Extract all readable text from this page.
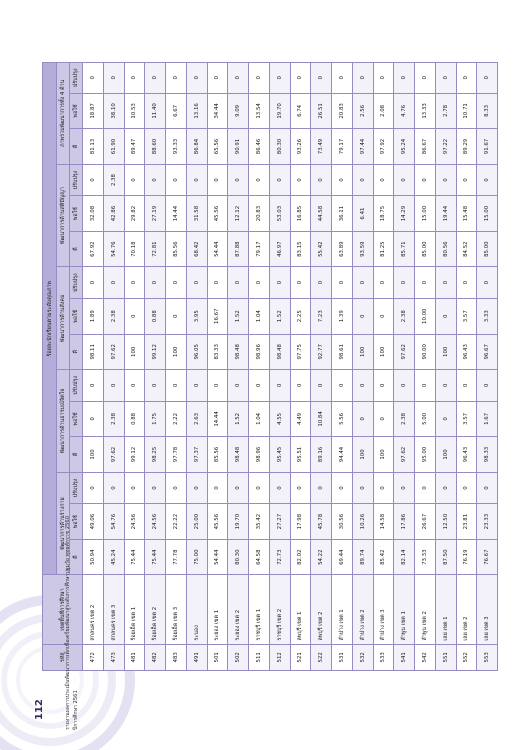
รหัส	เขตพื้นที่การศึกษา	ร้อยละนักเรียนตามระดับคุณภาพ														
		พัฒนาการด้านร่างกาย			พัฒนาการด้านอารมณ์จิตใจ			พัฒนาการด้านสังคม			พัฒนาการด้านสติปัญญา			ภาพรวมพัฒนาการทั้ง 4 ด้าน		
		ดี	พอใช้	ปรับปรุง	ดี	พอใช้	ปรับปรุง	ดี	พอใช้	ปรับปรุง	ดี	พอใช้	ปรับปรุง	ดี	พอใช้	ปรับปรุง
472	สกลนคร เขต 2	50.94	49.06	0	100	0	0	98.11	1.89	0	67.92	32.08	0	81.13	18.87	0
473	สกลนคร เขต 3	45.24	54.76	0	97.62	2.38	0	97.62	2.38	0	54.76	42.86	2.38	61.90	38.10	0
481	ร้อยเอ็ด เขต 1	75.44	24.56	0	99.12	0.88	0	100	0	0	70.18	29.82	0	89.47	10.53	0
482	ร้อยเอ็ด เขต 2	75.44	24.56	0	98.25	1.75	0	99.12	0.88	0	72.81	27.19	0	88.60	11.40	0
483	ร้อยเอ็ด เขต 3	77.78	22.22	0	97.78	2.22	0	100	0	0	85.56	14.44	0	93.33	6.67	0
491	ระนอง	75.00	25.00	0	97.37	2.63	0	96.05	3.95	0	68.42	31.58	0	86.84	13.16	0
501	ระยอง เขต 1	54.44	45.56	0	85.56	14.44	0	83.33	16.67	0	54.44	45.56	0	65.56	34.44	0
502	ระยอง เขต 2	80.30	19.70	0	98.48	1.52	0	98.48	1.52	0	87.88	12.12	0	90.91	9.09	0
511	ราชบุรี เขต 1	64.58	35.42	0	98.96	1.04	0	98.96	1.04	0	79.17	20.83	0	86.46	13.54	0
512	ราชบุรี เขต 2	72.73	27.27	0	95.45	4.55	0	98.48	1.52	0	46.97	53.03	0	80.30	19.70	0
521	ลพบุรี เขต 1	82.02	17.98	0	95.51	4.49	0	97.75	2.25	0	83.15	16.85	0	93.26	6.74	0
522	ลพบุรี เขต 2	54.22	45.78	0	89.16	10.84	0	92.77	7.23	0	55.42	44.58	0	73.49	26.51	0
531	ลำปาง เขต 1	69.44	30.56	0	94.44	5.56	0	98.61	1.39	0	63.89	36.11	0	79.17	20.83	0
532	ลำปาง เขต 2	89.74	10.26	0	100	0	0	100	0	0	93.59	6.41	0	97.44	2.56	0
533	ลำปาง เขต 3	85.42	14.58	0	100	0	0	100	0	0	81.25	18.75	0	97.92	2.08	0
541	ลำพูน เขต 1	82.14	17.86	0	97.62	2.38	0	97.62	2.38	0	85.71	14.29	0	95.24	4.76	0
542	ลำพูน เขต 2	73.33	26.67	0	95.00	5.00	0	90.00	10.00	0	85.00	15.00	0	86.67	13.33	0
551	เลย เขต 1	87.50	12.50	0	100	0	0	100	0	0	80.56	19.44	0	97.22	2.78	0
552	เลย เขต 2	76.19	23.81	0	96.43	3.57	0	96.43	3.57	0	84.52	15.48	0	89.29	10.71	0
553	เลย เขต 3	76.67	23.33	0	98.33	1.67	0	96.67	3.33	0	85.00	15.00	0	91.67	8.33	0
112	รายงานผลการประเมินพัฒนาการเด็กเพื่อเตรียมพัฒนาสู่ระดับการศึกษาปฐมวัย พุทธศักราช 2560 ปีการศึกษา 2561
